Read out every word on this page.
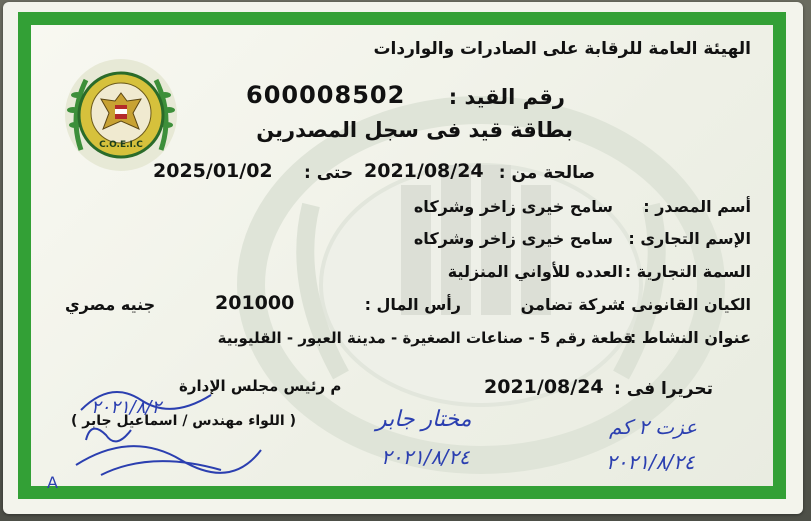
C.O.E.I.C
الهيئة العامة للرقابة على الصادرات والواردات
رقم القيد :
600008502
بطاقة قيد فى سجل المصدرين
صالحة من :
2021/08/24
حتى :
2025/01/02
أسم المصدر :
سامح خيرى زاخر وشركاه
الإسم التجارى :
سامح خيرى زاخر وشركاه
السمة التجارية :
العدده للأواني المنزلية
الكيان القانونى :
شركة تضامن
رأس المال :
201000
جنيه مصري
عنوان النشاط :
قطعة رقم 5 - صناعات الصغيرة - مدينة العبور - القليوبية
تحريرا فى :
2021/08/24
م رئيس مجلس الإدارة
( اللواء مهندس / اسماعيل جابر )	مختار جابر
٢٠٢١/٨/٢٤
عزت ٢ كم
٢٠٢١/٨/٢٤
٢٠٢١/٨/٢
A
